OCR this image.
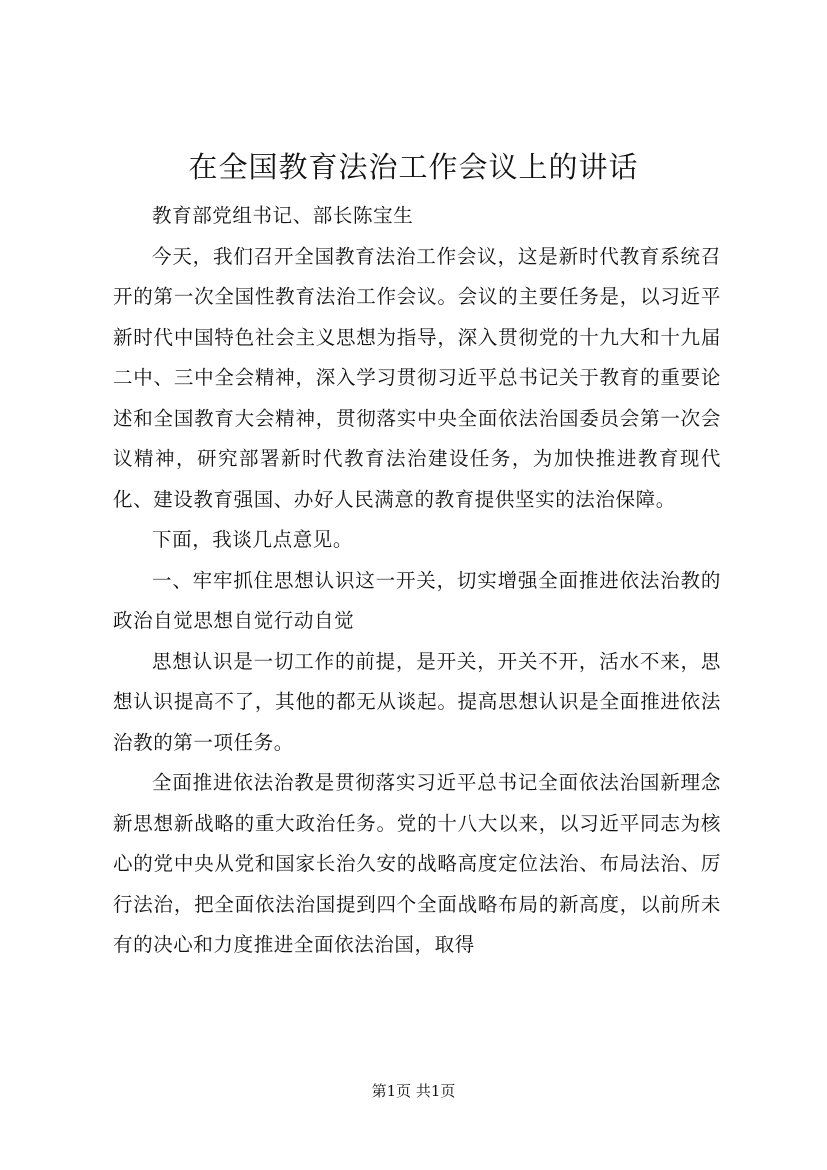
在全国教育法治工作会议上的讲话

教育部党组书记、部长陈宝生

今天，我们召开全国教育法治工作会议，这是新时代教育系统召开的第一次全国性教育法治工作会议。会议的主要任务是，以习近平新时代中国特色社会主义思想为指导，深入贯彻党的十九大和十九届二中、三中全会精神，深入学习贯彻习近平总书记关于教育的重要论述和全国教育大会精神，贯彻落实中央全面依法治国委员会第一次会议精神，研究部署新时代教育法治建设任务，为加快推进教育现代化、建设教育强国、办好人民满意的教育提供坚实的法治保障。

下面，我谈几点意见。

一、牢牢抓住思想认识这一开关，切实增强全面推进依法治教的政治自觉思想自觉行动自觉

思想认识是一切工作的前提，是开关，开关不开，活水不来，思想认识提高不了，其他的都无从谈起。提高思想认识是全面推进依法治教的第一项任务。

全面推进依法治教是贯彻落实习近平总书记全面依法治国新理念新思想新战略的重大政治任务。党的十八大以来，以习近平同志为核心的党中央从党和国家长治久安的战略高度定位法治、布局法治、厉行法治，把全面依法治国提到四个全面战略布局的新高度，以前所未有的决心和力度推进全面依法治国，取得

第1页 共1页
